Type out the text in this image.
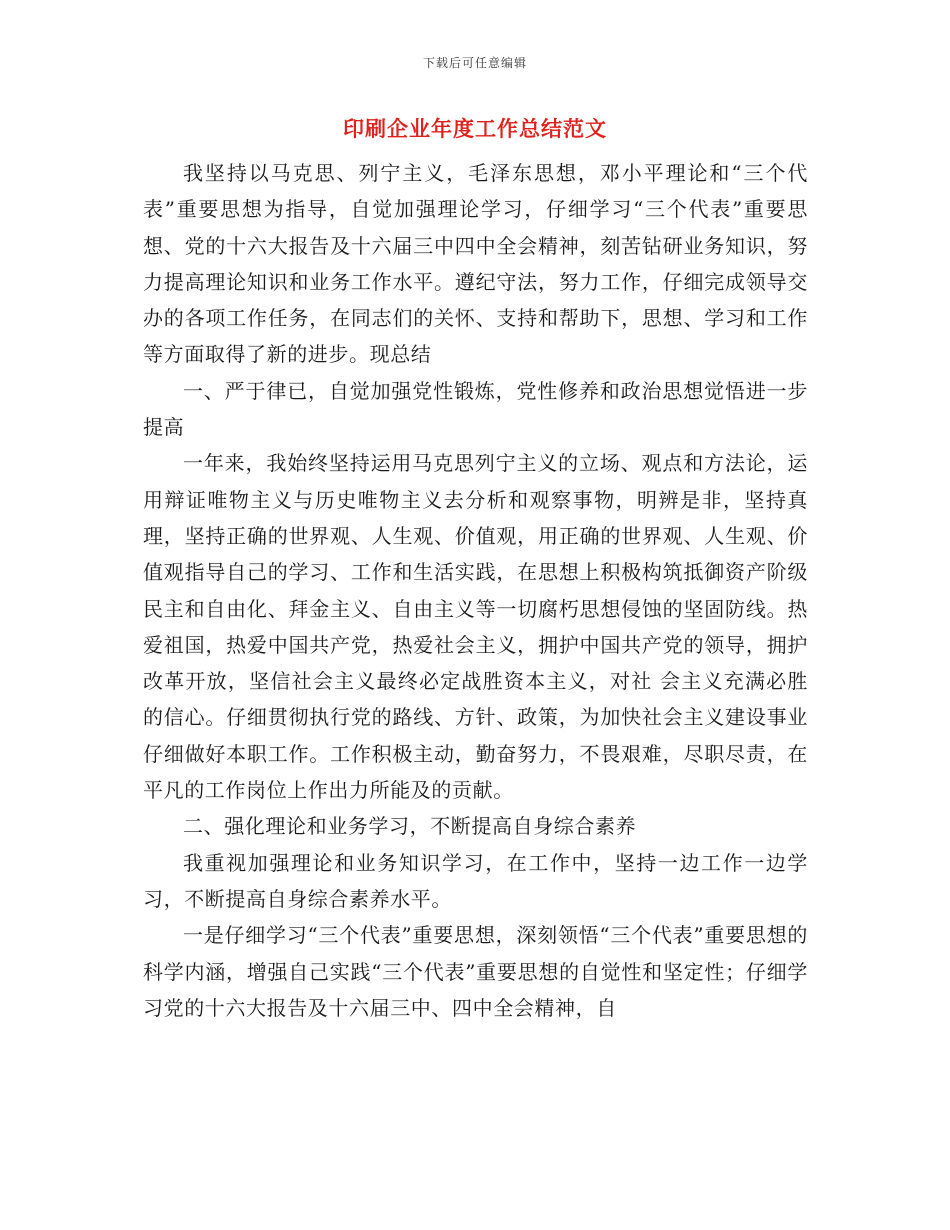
下载后可任意编辑
印刷企业年度工作总结范文

我坚持以马克思、列宁主义，毛泽东思想，邓小平理论和“三个代表”重要思想为指导，自觉加强理论学习，仔细学习“三个代表”重要思想、党的十六大报告及十六届三中四中全会精神，刻苦钻研业务知识，努力提高理论知识和业务工作水平。遵纪守法，努力工作，仔细完成领导交办的各项工作任务，在同志们的关怀、支持和帮助下，思想、学习和工作等方面取得了新的进步。现总结

一、严于律已，自觉加强党性锻炼，党性修养和政治思想觉悟进一步提高

一年来，我始终坚持运用马克思列宁主义的立场、观点和方法论，运用辩证唯物主义与历史唯物主义去分析和观察事物，明辨是非，坚持真理，坚持正确的世界观、人生观、价值观，用正确的世界观、人生观、价值观指导自己的学习、工作和生活实践，在思想上积极构筑抵御资产阶级民主和自由化、拜金主义、自由主义等一切腐朽思想侵蚀的坚固防线。热爱祖国，热爱中国共产党，热爱社会主义，拥护中国共产党的领导，拥护改革开放，坚信社会主义最终必定战胜资本主义，对社 会主义充满必胜的信心。仔细贯彻执行党的路线、方针、政策，为加快社会主义建设事业仔细做好本职工作。工作积极主动，勤奋努力，不畏艰难，尽职尽责，在平凡的工作岗位上作出力所能及的贡献。

二、强化理论和业务学习，不断提高自身综合素养

我重视加强理论和业务知识学习，在工作中，坚持一边工作一边学习，不断提高自身综合素养水平。

一是仔细学习“三个代表”重要思想，深刻领悟“三个代表”重要思想的科学内涵，增强自己实践“三个代表”重要思想的自觉性和坚定性；仔细学习党的十六大报告及十六届三中、四中全会精神，自
